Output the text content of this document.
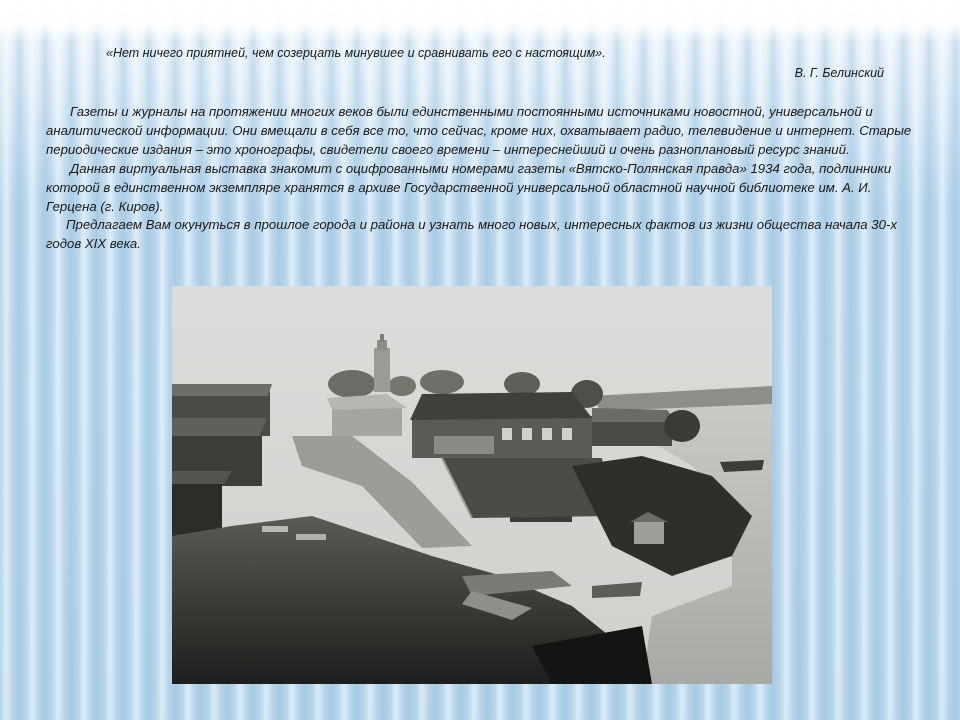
«Нет ничего приятней, чем созерцать минувшее и сравнивать его с настоящим».
В. Г. Белинский

Газеты и журналы на протяжении многих веков были единственными постоянными источниками новостной, универсальной и аналитической информации. Они вмещали в себя все то, что сейчас, кроме них, охватывает радио, телевидение и интернет. Старые периодические издания – это хронографы, свидетели своего времени – интереснейший и очень разноплановый ресурс знаний.

Данная виртуальная выставка знакомит с оцифрованными номерами газеты «Вятско-Полянская правда» 1934 года, подлинники которой в единственном экземпляре хранятся в архиве Государственной универсальной областной научной библиотеке им. А. И. Герцена (г. Киров).

Предлагаем Вам окунуться в прошлое города и района и узнать много новых, интересных фактов из жизни общества начала 30-х годов XIX века.
